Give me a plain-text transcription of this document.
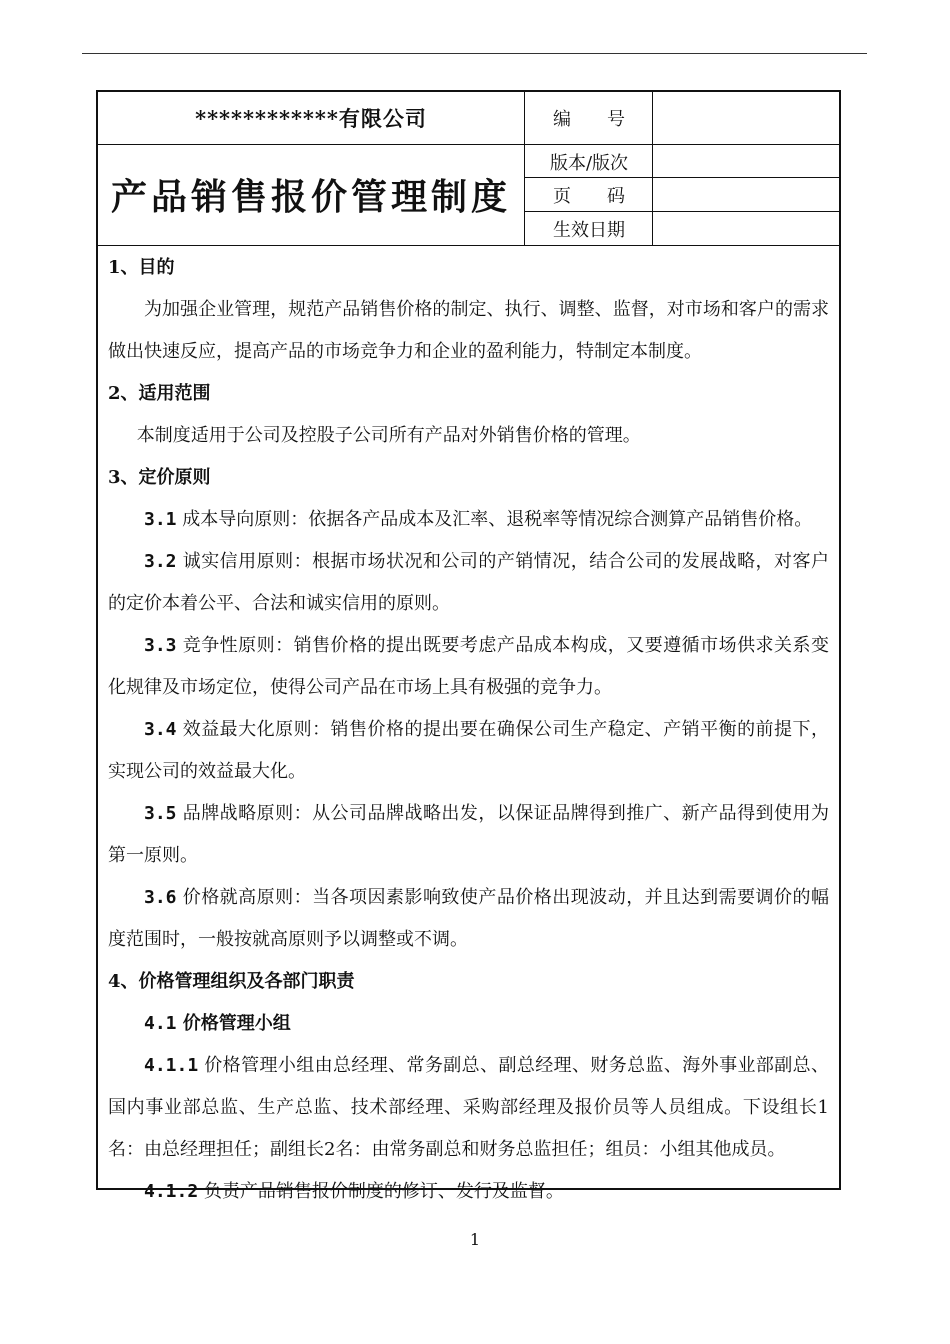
************有限公司
产品销售报价管理制度
编　　号
版本/版次
页　　码
生效日期

1、目的

为加强企业管理，规范产品销售价格的制定、执行、调整、监督，对市场和客户的需求做出快速反应，提高产品的市场竞争力和企业的盈利能力，特制定本制度。

2、适用范围

本制度适用于公司及控股子公司所有产品对外销售价格的管理。

3、定价原则

3.1 成本导向原则：依据各产品成本及汇率、退税率等情况综合测算产品销售价格。

3.2 诚实信用原则：根据市场状况和公司的产销情况，结合公司的发展战略，对客户的定价本着公平、合法和诚实信用的原则。

3.3 竞争性原则：销售价格的提出既要考虑产品成本构成，又要遵循市场供求关系变化规律及市场定位，使得公司产品在市场上具有极强的竞争力。

3.4 效益最大化原则：销售价格的提出要在确保公司生产稳定、产销平衡的前提下，实现公司的效益最大化。

3.5 品牌战略原则：从公司品牌战略出发，以保证品牌得到推广、新产品得到使用为第一原则。

3.6 价格就高原则：当各项因素影响致使产品价格出现波动，并且达到需要调价的幅度范围时，一般按就高原则予以调整或不调。

4、价格管理组织及各部门职责

4.1 价格管理小组

4.1.1 价格管理小组由总经理、常务副总、副总经理、财务总监、海外事业部副总、国内事业部总监、生产总监、技术部经理、采购部经理及报价员等人员组成。下设组长1名：由总经理担任；副组长2名：由常务副总和财务总监担任；组员：小组其他成员。

4.1.2 负责产品销售报价制度的修订、发行及监督。

1
